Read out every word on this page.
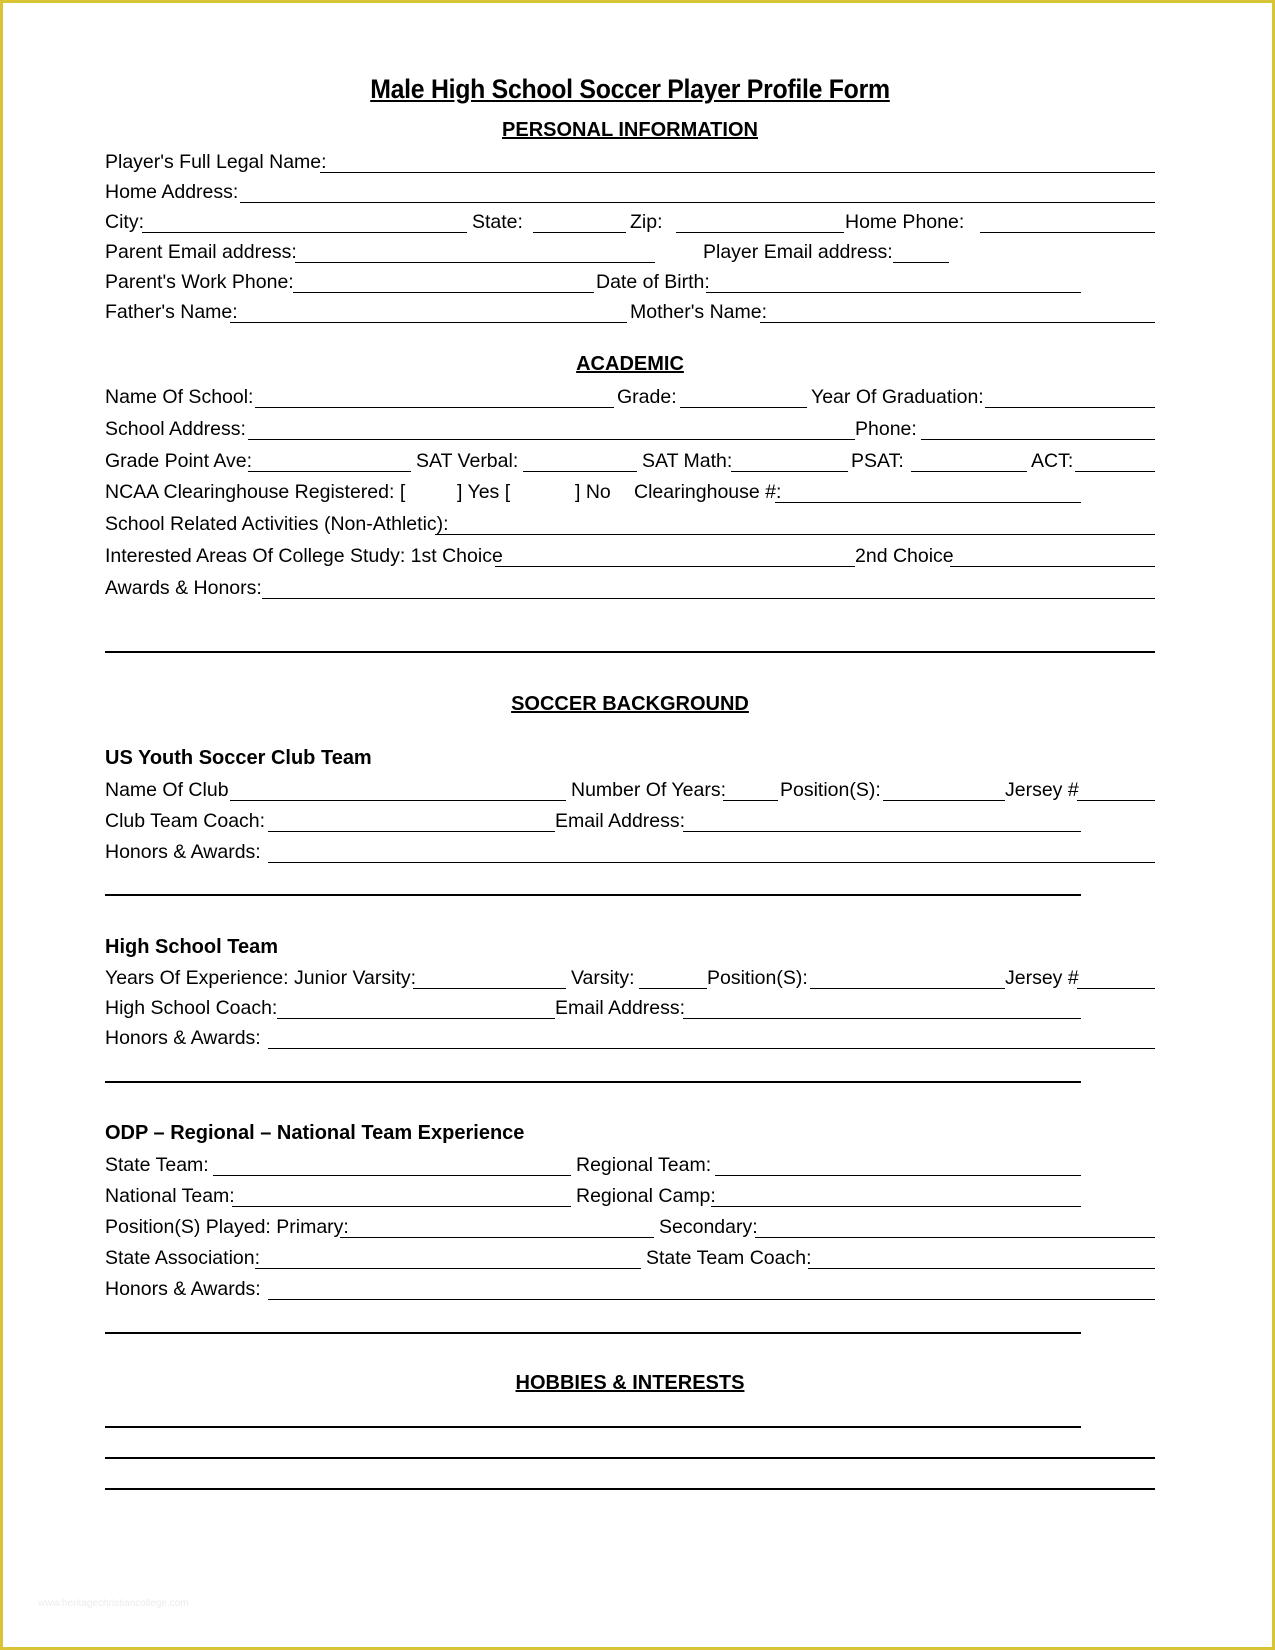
Male High School Soccer Player Profile Form
PERSONAL INFORMATION
Player's Full Legal Name:
Home Address:
City:	State:	Zip:	Home Phone:
Parent Email address:	Player Email address:
Parent's Work Phone:	Date of Birth:
Father's Name:	Mother's Name:
ACADEMIC
Name Of School:	Grade:	Year Of Graduation:
School Address:	Phone:
Grade Point Ave:	SAT Verbal:	SAT Math:	PSAT:	ACT:
NCAA Clearinghouse Registered: [	] Yes [	] No Clearinghouse #:
School Related Activities (Non-Athletic):
Interested Areas Of College Study: 1st Choice	2nd Choice
Awards & Honors:
SOCCER BACKGROUND
US Youth Soccer Club Team
Name Of Club	Number Of Years:	Position(S):	Jersey #
Club Team Coach:	Email Address:
Honors & Awards:
High School Team
Years Of Experience: Junior Varsity:	Varsity:	Position(S):	Jersey #
High School Coach:	Email Address:
Honors & Awards:
ODP – Regional – National Team Experience
State Team:	Regional Team:
National Team:	Regional Camp:
Position(S) Played: Primary:	Secondary:
State Association:	State Team Coach:
Honors & Awards:
HOBBIES & INTERESTS
www.heritagechristiancollege.com
